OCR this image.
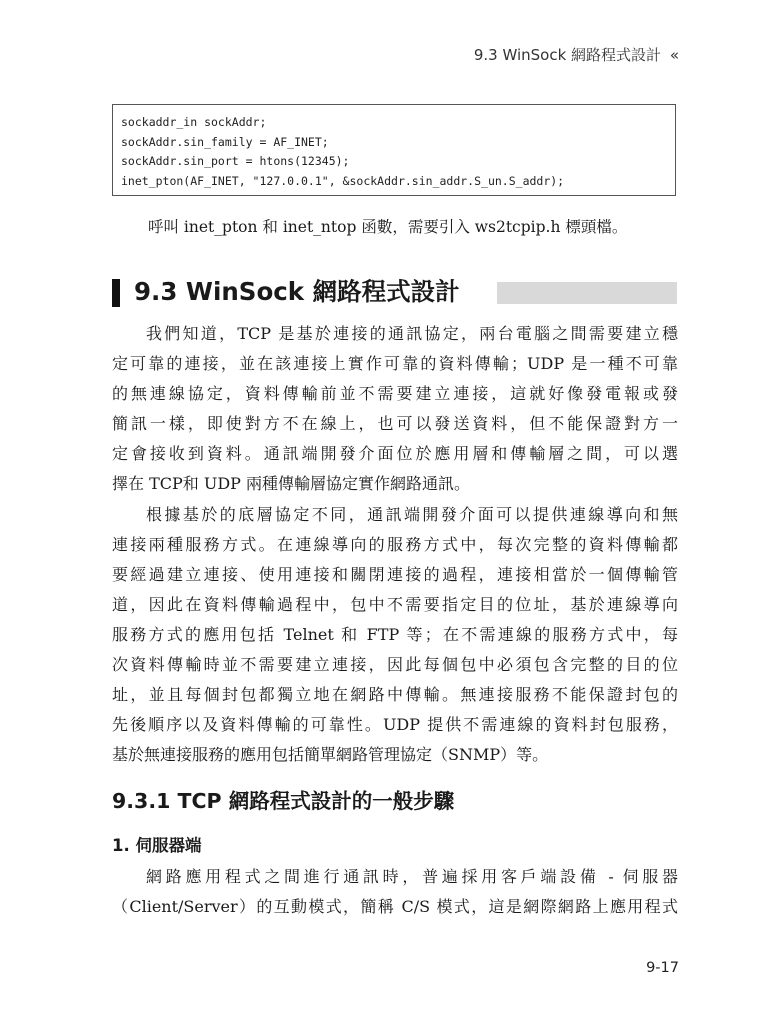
9.3 WinSock 網路程式設計 «
sockaddr_in sockAddr;
sockAddr.sin_family = AF_INET;
sockAddr.sin_port = htons(12345);
inet_pton(AF_INET, "127.0.0.1", &sockAddr.sin_addr.S_un.S_addr);
呼叫 inet_pton 和 inet_ntop 函數，需要引入 ws2tcpip.h 標頭檔。
9.3 WinSock 網路程式設計
我們知道，TCP 是基於連接的通訊協定，兩台電腦之間需要建立穩
定可靠的連接，並在該連接上實作可靠的資料傳輸；UDP 是一種不可靠
的無連線協定，資料傳輸前並不需要建立連接，這就好像發電報或發
簡訊一樣，即使對方不在線上，也可以發送資料，但不能保證對方一
定會接收到資料。通訊端開發介面位於應用層和傳輸層之間，可以選
擇在 TCP和 UDP 兩種傳輸層協定實作網路通訊。
根據基於的底層協定不同，通訊端開發介面可以提供連線導向和無
連接兩種服務方式。在連線導向的服務方式中，每次完整的資料傳輸都
要經過建立連接、使用連接和關閉連接的過程，連接相當於一個傳輸管
道，因此在資料傳輸過程中，包中不需要指定目的位址，基於連線導向
服務方式的應用包括 Telnet 和 FTP 等；在不需連線的服務方式中，每
次資料傳輸時並不需要建立連接，因此每個包中必須包含完整的目的位
址，並且每個封包都獨立地在網路中傳輸。無連接服務不能保證封包的
先後順序以及資料傳輸的可靠性。UDP 提供不需連線的資料封包服務，
基於無連接服務的應用包括簡單網路管理協定（SNMP）等。
9.3.1 TCP 網路程式設計的一般步驟
1. 伺服器端
網路應用程式之間進行通訊時，普遍採用客戶端設備 - 伺服器
（Client/Server）的互動模式，簡稱 C/S 模式，這是網際網路上應用程式
9-17
